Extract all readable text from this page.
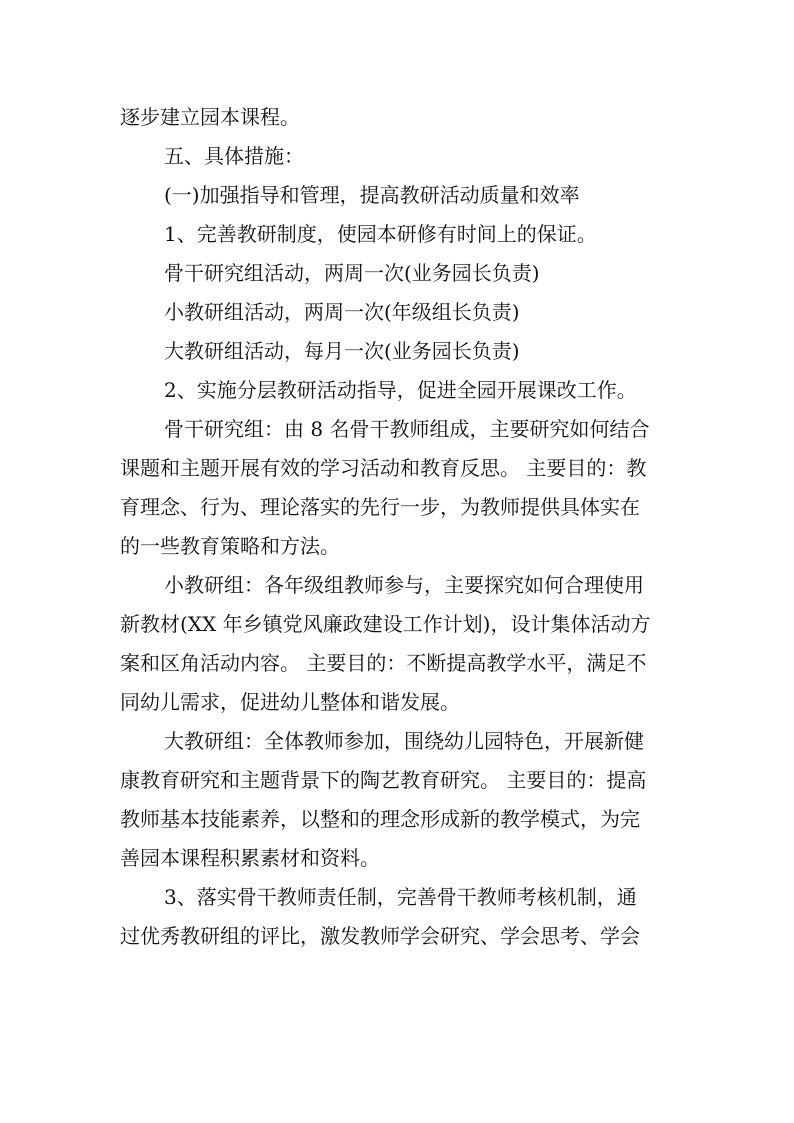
逐步建立园本课程。
五、具体措施：
(一)加强指导和管理，提高教研活动质量和效率
1、完善教研制度，使园本研修有时间上的保证。
骨干研究组活动，两周一次(业务园长负责)
小教研组活动，两周一次(年级组长负责)
大教研组活动，每月一次(业务园长负责)
2、实施分层教研活动指导，促进全园开展课改工作。
骨干研究组：由 8 名骨干教师组成，主要研究如何结合
课题和主题开展有效的学习活动和教育反思。 主要目的：教
育理念、行为、理论落实的先行一步，为教师提供具体实在
的一些教育策略和方法。
小教研组：各年级组教师参与，主要探究如何合理使用
新教材(XX 年乡镇党风廉政建设工作计划)，设计集体活动方
案和区角活动内容。 主要目的：不断提高教学水平，满足不
同幼儿需求，促进幼儿整体和谐发展。
大教研组：全体教师参加，围绕幼儿园特色，开展新健
康教育研究和主题背景下的陶艺教育研究。 主要目的：提高
教师基本技能素养，以整和的理念形成新的教学模式，为完
善园本课程积累素材和资料。
3、落实骨干教师责任制，完善骨干教师考核机制，通
过优秀教研组的评比，激发教师学会研究、学会思考、学会
